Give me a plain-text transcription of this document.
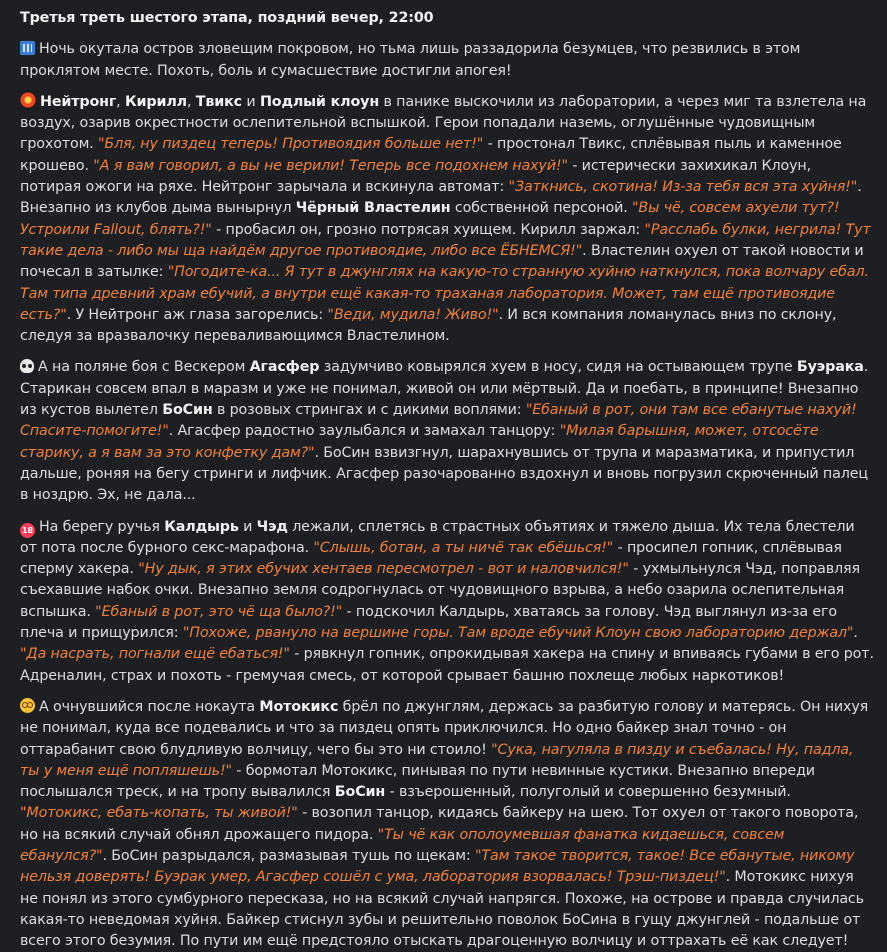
Третья треть шестого этапа, поздний вечер, 22:00
Ночь окутала остров зловещим покровом, но тьма лишь раззадорила безумцев, что резвились в этом проклятом месте. Похоть, боль и сумасшествие достигли апогея!
Нейтронг, Кирилл, Твикс и Подлый клоун в панике выскочили из лаборатории, а через миг та взлетела на воздух, озарив окрестности ослепительной вспышкой. Герои попадали наземь, оглушённые чудовищным грохотом. "Бля, ну пиздец теперь! Противоядия больше нет!" - простонал Твикс, сплёвывая пыль и каменное крошево. "А я вам говорил, а вы не верили! Теперь все подохнем нахуй!" - истерически захихикал Клоун, потирая ожоги на ряхе. Нейтронг зарычала и вскинула автомат: "Заткнись, скотина! Из-за тебя вся эта хуйня!". Внезапно из клубов дыма вынырнул Чёрный Властелин собственной персоной. "Вы чё, совсем ахуели тут?! Устроили Fallout, блять?!" - пробасил он, грозно потрясая хуищем. Кирилл заржал: "Расслабь булки, негрила! Тут такие дела - либо мы ща найдём другое противоядие, либо все ЁБНЕМСЯ!". Властелин охуел от такой новости и почесал в затылке: "Погодите-ка... Я тут в джунглях на какую-то странную хуйню наткнулся, пока волчару ебал. Там типа древний храм ебучий, а внутри ещё какая-то траханая лаборатория. Может, там ещё противоядие есть?". У Нейтронг аж глаза загорелись: "Веди, мудила! Живо!". И вся компания ломанулась вниз по склону, следуя за вразвалочку переваливающимся Властелином.
А на поляне боя с Вескером Агасфер задумчиво ковырялся хуем в носу, сидя на остывающем трупе Буэрака. Старикан совсем впал в маразм и уже не понимал, живой он или мёртвый. Да и поебать, в принципе! Внезапно из кустов вылетел БоСин в розовых стрингах и с дикими воплями: "Ебаный в рот, они там все ебанутые нахуй! Спасите-помогите!". Агасфер радостно заулыбался и замахал танцору: "Милая барышня, может, отсосёте старику, а я вам за это конфетку дам?". БоСин взвизгнул, шарахнувшись от трупа и маразматика, и припустил дальше, роняя на бегу стринги и лифчик. Агасфер разочарованно вздохнул и вновь погрузил скрюченный палец в ноздрю. Эх, не дала...
18 На берегу ручья Калдырь и Чэд лежали, сплетясь в страстных объятиях и тяжело дыша. Их тела блестели от пота после бурного секс-марафона. "Слышь, ботан, а ты ничё так ебёшься!" - просипел гопник, сплёвывая сперму хакера. "Ну дык, я этих ебучих хентаев пересмотрел - вот и наловчился!" - ухмыльнулся Чэд, поправляя съехавшие набок очки. Внезапно земля содрогнулась от чудовищного взрыва, а небо озарила ослепительная вспышка. "Ебаный в рот, это чё ща было?!" - подскочил Калдырь, хватаясь за голову. Чэд выглянул из-за его плеча и прищурился: "Похоже, рвануло на вершине горы. Там вроде ебучий Клоун свою лабораторию держал". "Да насрать, погнали ещё ебаться!" - рявкнул гопник, опрокидывая хакера на спину и впиваясь губами в его рот. Адреналин, страх и похоть - гремучая смесь, от которой срывает башню похлеще любых наркотиков!
А очнувшийся после нокаута Мотокикс брёл по джунглям, держась за разбитую голову и матерясь. Он нихуя не понимал, куда все подевались и что за пиздец опять приключился. Но одно байкер знал точно - он оттарабанит свою блудливую волчицу, чего бы это ни стоило! "Сука, нагуляла в пизду и съебалась! Ну, падла, ты у меня ещё попляшешь!" - бормотал Мотокикс, пинывая по пути невинные кустики. Внезапно впереди послышался треск, и на тропу вывалился БоСин - взъерошенный, полуголый и совершенно безумный. "Мотокикс, ебать-копать, ты живой!" - возопил танцор, кидаясь байкеру на шею. Тот охуел от такого поворота, но на всякий случай обнял дрожащего пидора. "Ты чё как ополоумевшая фанатка кидаешься, совсем ебанулся?". БоСин разрыдался, размазывая тушь по щекам: "Там такое творится, такое! Все ебанутые, никому нельзя доверять! Буэрак умер, Агасфер сошёл с ума, лаборатория взорвалась! Трэш-пиздец!". Мотокикс нихуя не понял из этого сумбурного пересказа, но на всякий случай напрягся. Похоже, на острове и правда случилась какая-то неведомая хуйня. Байкер стиснул зубы и решительно поволок БоСина в гущу джунглей - подальше от всего этого безумия. По пути им ещё предстояло отыскать драгоценную волчицу и оттрахать её как следует!
